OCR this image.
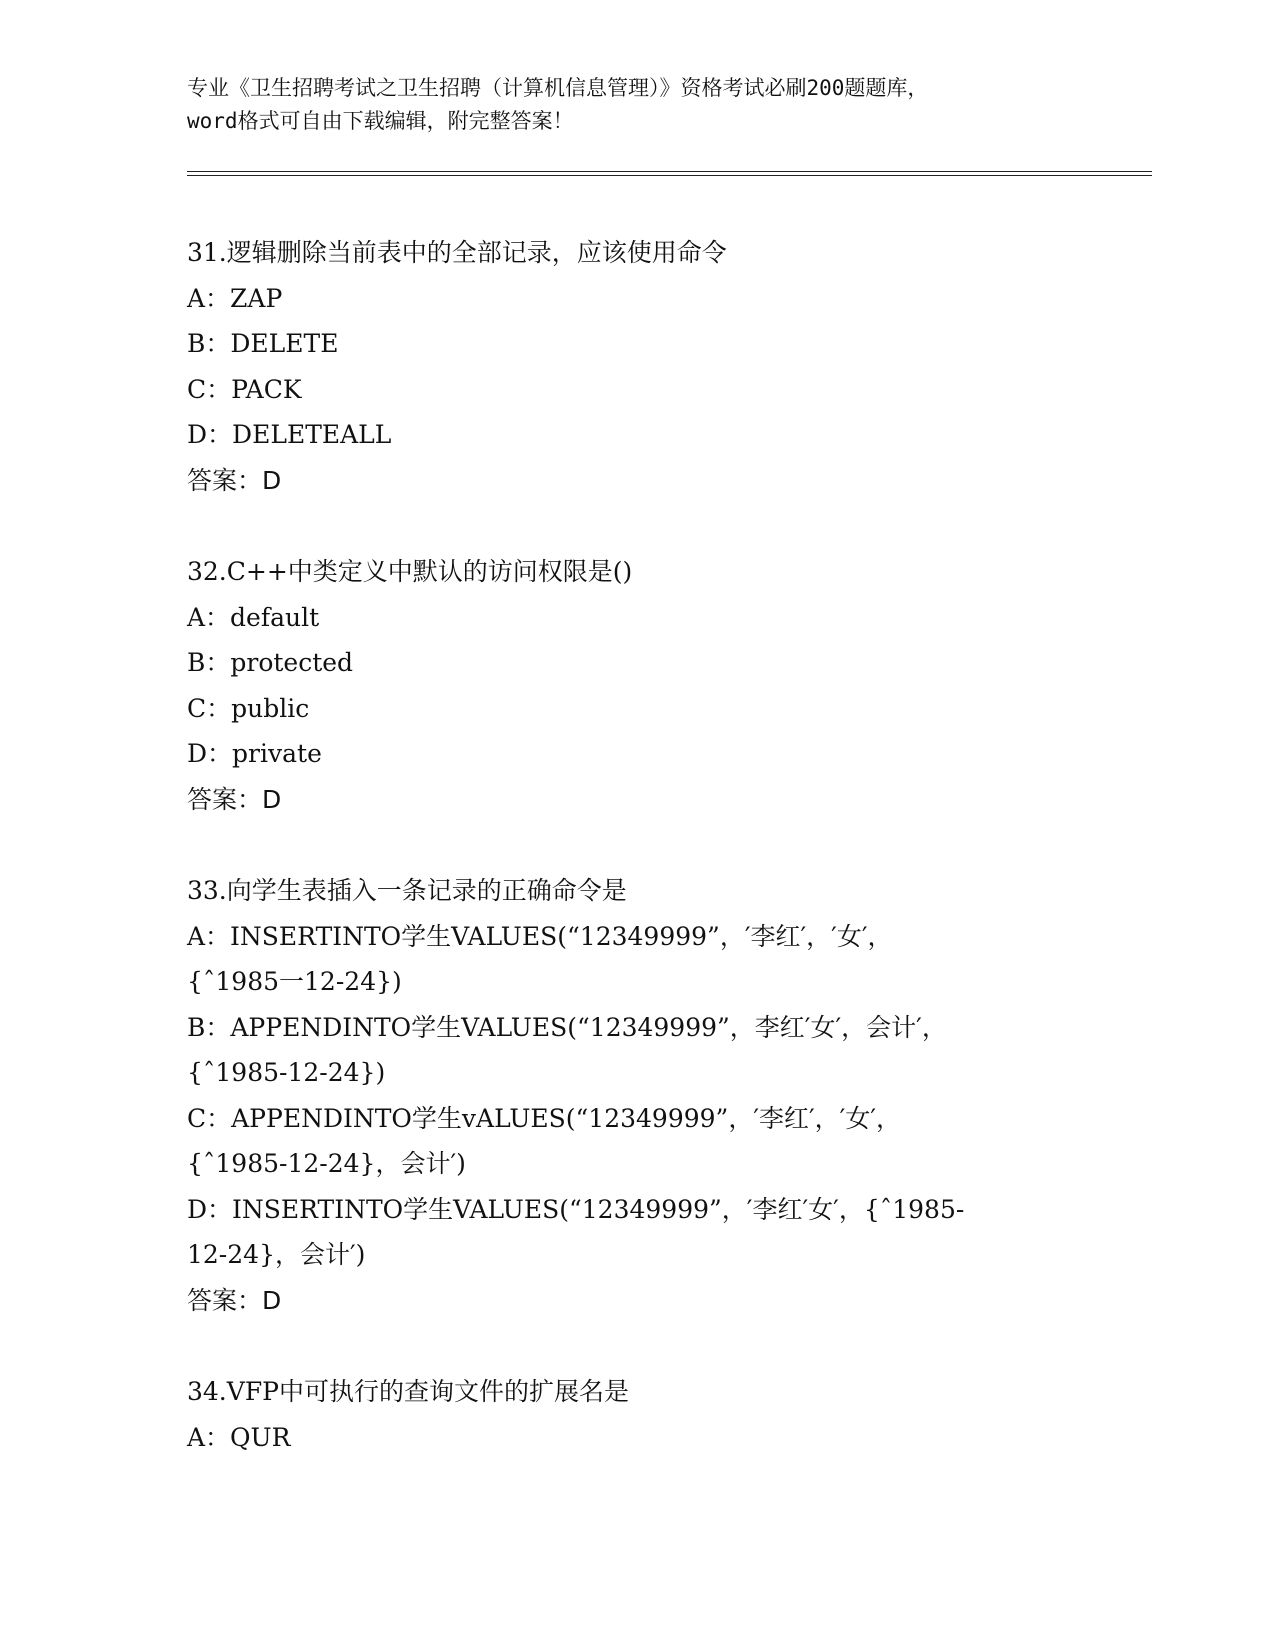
专业《卫生招聘考试之卫生招聘（计算机信息管理）》资格考试必刷200题题库，
word格式可自由下载编辑，附完整答案！
31.逻辑删除当前表中的全部记录，应该使用命令
A：ZAP
B：DELETE
C：PACK
D：DELETEALL
答案：D
32.C++中类定义中默认的访问权限是()
A：default
B：protected
C：public
D：private
答案：D
33.向学生表插入一条记录的正确命令是
A：INSERTINTO学生VALUES(“12349999”，′李红′，′女′，
{ˆ1985一12-24})
B：APPENDINTO学生VALUES(“12349999”，李红′女′，会计′，
{ˆ1985-12-24})
C：APPENDINTO学生vALUES(“12349999”，′李红′，′女′，
{ˆ1985-12-24}，会计′)
D：INSERTINTO学生VALUES(“12349999”，′李红′女′，{ˆ1985-
12-24}，会计′)
答案：D
34.VFP中可执行的查询文件的扩展名是
A：QUR
